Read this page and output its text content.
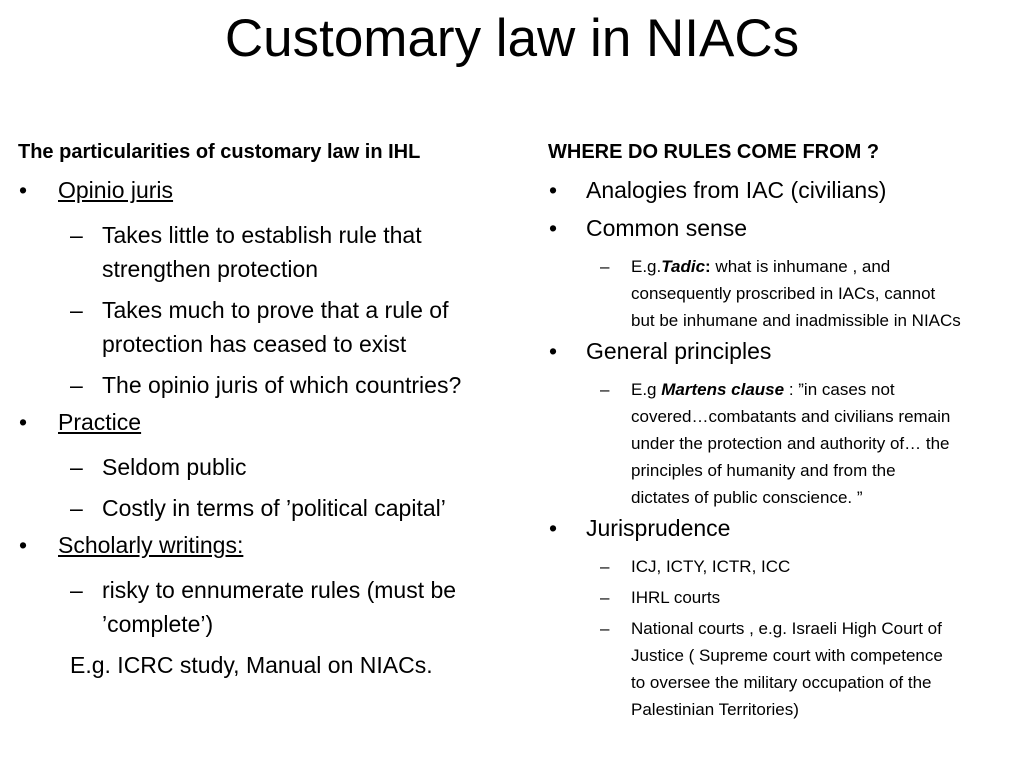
Customary law in NIACs
The particularities of customary law in IHL
• Opinio juris
– Takes little to establish rule that
strengthen protection
– Takes much to prove that a rule of
protection has ceased to exist
– The opinio juris of which countries?
• Practice
– Seldom public
– Costly in terms of ’political capital’
• Scholarly writings:
– risky to ennumerate rules (must be
’complete’)
E.g. ICRC study, Manual on NIACs.
WHERE DO RULES COME FROM ?
• Analogies from IAC (civilians)
• Common sense
– E.g.Tadic: what is inhumane , and
consequently proscribed in IACs, cannot
but be inhumane and inadmissible in NIACs
• General principles
– E.g Martens clause : ”in cases not
covered…combatants and civilians remain
under the protection and authority of… the
principles of humanity and from the
dictates of public conscience. ”
• Jurisprudence
– ICJ, ICTY, ICTR, ICC
– IHRL courts
– National courts , e.g. Israeli High Court of
Justice ( Supreme court with competence
to oversee the military occupation of the
Palestinian Territories)
